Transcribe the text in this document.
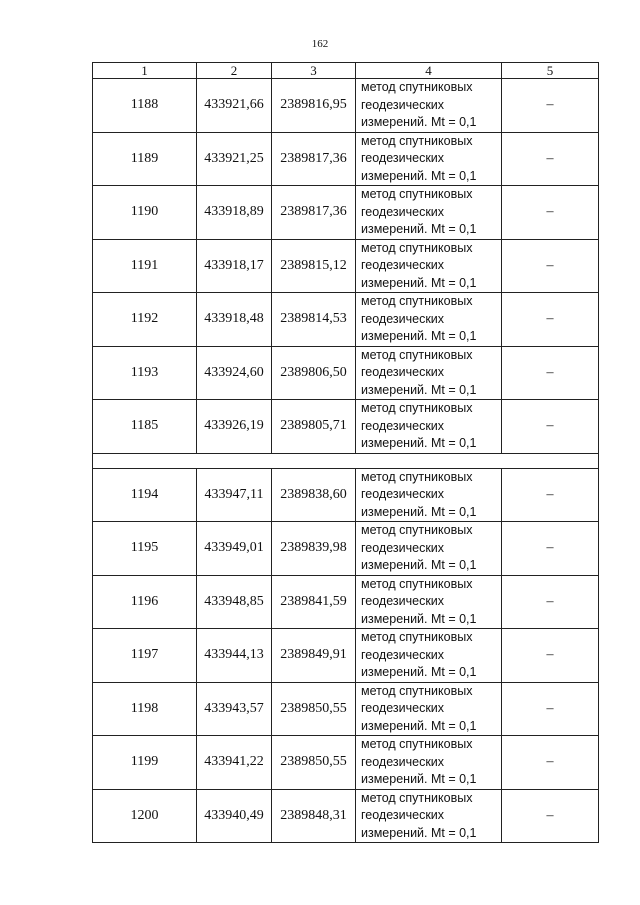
162
1	2	3	4	5
1188	433921,66	2389816,95	метод спутниковых
геодезических
измерений. Mt = 0,1	–
1189	433921,25	2389817,36	метод спутниковых
геодезических
измерений. Mt = 0,1	–
1190	433918,89	2389817,36	метод спутниковых
геодезических
измерений. Mt = 0,1	–
1191	433918,17	2389815,12	метод спутниковых
геодезических
измерений. Mt = 0,1	–
1192	433918,48	2389814,53	метод спутниковых
геодезических
измерений. Mt = 0,1	–
1193	433924,60	2389806,50	метод спутниковых
геодезических
измерений. Mt = 0,1	–
1185	433926,19	2389805,71	метод спутниковых
геодезических
измерений. Mt = 0,1	–

1194	433947,11	2389838,60	метод спутниковых
геодезических
измерений. Mt = 0,1	–
1195	433949,01	2389839,98	метод спутниковых
геодезических
измерений. Mt = 0,1	–
1196	433948,85	2389841,59	метод спутниковых
геодезических
измерений. Mt = 0,1	–
1197	433944,13	2389849,91	метод спутниковых
геодезических
измерений. Mt = 0,1	–
1198	433943,57	2389850,55	метод спутниковых
геодезических
измерений. Mt = 0,1	–
1199	433941,22	2389850,55	метод спутниковых
геодезических
измерений. Mt = 0,1	–
1200	433940,49	2389848,31	метод спутниковых
геодезических
измерений. Mt = 0,1	–
